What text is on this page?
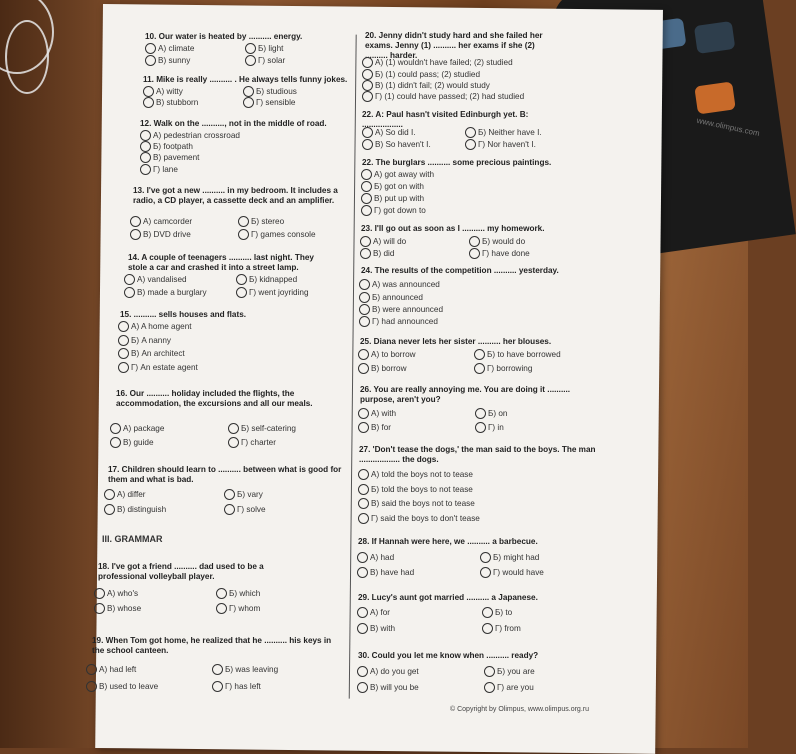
www.olimpus.com
10. Our water is heated by .......... energy.
A) climate	Б) light
В) sunny	Г) solar
11. Mike is really .......... . He always tells funny jokes.
A) witty	Б) studious
В) stubborn	Г) sensible
12. Walk on the .........., not in the middle of road.
A) pedestrian crossroad
Б) footpath
В) pavement
Г) lane
13. I've got a new .......... in my bedroom. It includes a radio, a CD player, a cassette deck and an amplifier.
A) camcorder	Б) stereo
В) DVD drive	Г) games console
14. A couple of teenagers .......... last night. They stole a car and crashed it into a street lamp.
A) vandalised	Б) kidnapped
В) made a burglary	Г) went joyriding
15. .......... sells houses and flats.
A) A home agent
Б) A nanny
В) An architect
Г) An estate agent
16. Our .......... holiday included the flights, the accommodation, the excursions and all our meals.
A) package	Б) self-catering
В) guide	Г) charter
17. Children should learn to .......... between what is good for them and what is bad.
A) differ	Б) vary
В) distinguish	Г) solve
III. GRAMMAR
18. I've got a friend .......... dad used to be a professional volleyball player.
A) who's	Б) which
В) whose	Г) whom
19. When Tom got home, he realized that he .......... his keys in the school canteen.
A) had left	Б) was leaving
В) used to leave	Г) has left
20. Jenny didn't study hard and she failed her exams. Jenny (1) .......... her exams if she (2) .......... harder.
A) (1) wouldn't have failed; (2) studied
Б) (1) could pass; (2) studied
В) (1) didn't fail; (2) would study
Г) (1) could have passed; (2) had studied
22. A: Paul hasn't visited Edinburgh yet. B: ..................
A) So did I.	Б) Neither have I.
В) So haven't I.	Г) Nor haven't I.
22. The burglars .......... some precious paintings.
A) got away with
Б) got on with
В) put up with
Г) got down to
23. I'll go out as soon as I .......... my homework.
A) will do	Б) would do
В) did	Г) have done
24. The results of the competition .......... yesterday.
A) was announced
Б) announced
В) were announced
Г) had announced
25. Diana never lets her sister .......... her blouses.
A) to borrow	Б) to have borrowed
В) borrow	Г) borrowing
26. You are really annoying me. You are doing it .......... purpose, aren't you?
A) with	Б) on
В) for	Г) in
27. 'Don't tease the dogs,' the man said to the boys. The man .................. the dogs.
A) told the boys not to tease
Б) told the boys to not tease
В) said the boys not to tease
Г) said the boys to don't tease
28. If Hannah were here, we .......... a barbecue.
A) had	Б) might had
В) have had	Г) would have
29. Lucy's aunt got married .......... a Japanese.
A) for	Б) to
В) with	Г) from
30. Could you let me know when .......... ready?
A) do you get	Б) you are
В) will you be	Г) are you
© Copyright by Olimpus, www.olimpus.org.ru
